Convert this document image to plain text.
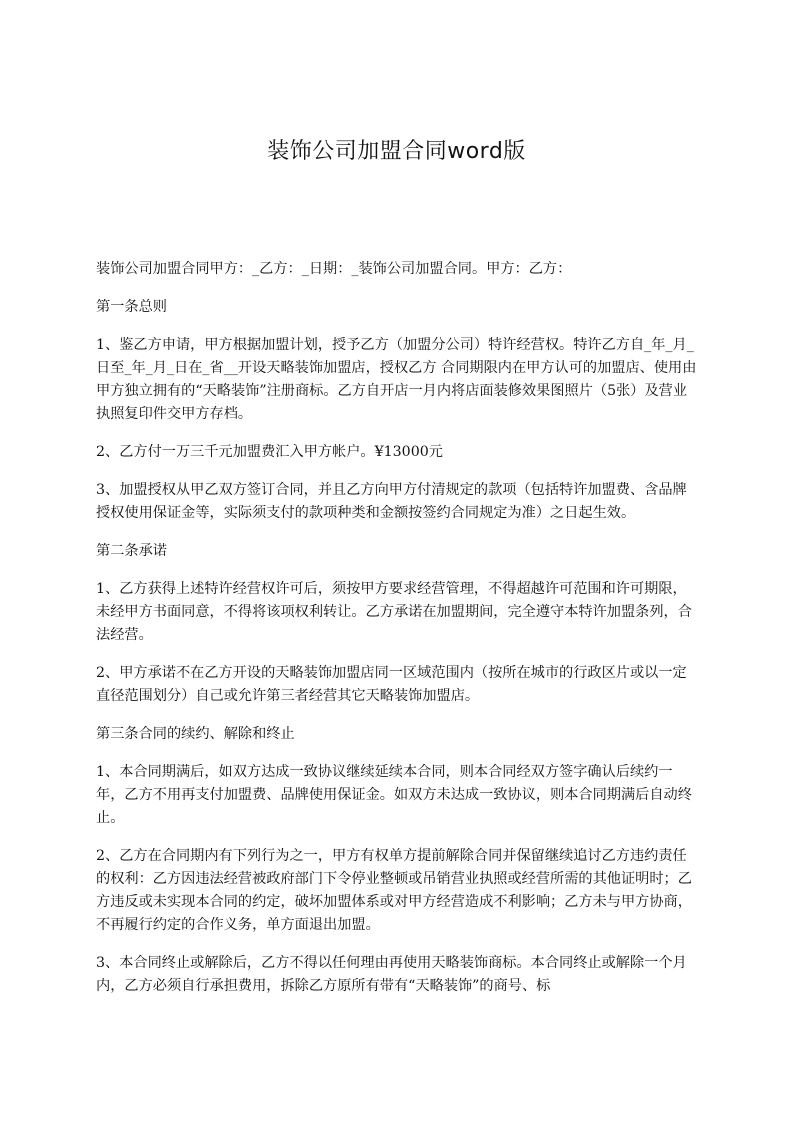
装饰公司加盟合同word版

装饰公司加盟合同甲方：_乙方：_日期：_装饰公司加盟合同。甲方：乙方：

第一条总则

1、鉴乙方申请，甲方根据加盟计划，授予乙方（加盟分公司）特许经营权。特许乙方自_年_月_日至_年_月_日在_省__开设天略装饰加盟店，授权乙方 合同期限内在甲方认可的加盟店、使用由甲方独立拥有的“天略装饰”注册商标。乙方自开店一月内将店面装修效果图照片（5张）及营业执照复印件交甲方存档。

2、乙方付一万三千元加盟费汇入甲方帐户。¥13000元

3、加盟授权从甲乙双方签订合同，并且乙方向甲方付清规定的款项（包括特许加盟费、含品牌授权使用保证金等，实际须支付的款项种类和金额按签约合同规定为准）之日起生效。

第二条承诺

1、乙方获得上述特许经营权许可后，须按甲方要求经营管理，不得超越许可范围和许可期限，未经甲方书面同意，不得将该项权利转让。乙方承诺在加盟期间，完全遵守本特许加盟条列，合法经营。

2、甲方承诺不在乙方开设的天略装饰加盟店同一区域范围内（按所在城市的行政区片或以一定直径范围划分）自己或允许第三者经营其它天略装饰加盟店。

第三条合同的续约、解除和终止

1、本合同期满后，如双方达成一致协议继续延续本合同，则本合同经双方签字确认后续约一年，乙方不用再支付加盟费、品牌使用保证金。如双方未达成一致协议，则本合同期满后自动终止。

2、乙方在合同期内有下列行为之一，甲方有权单方提前解除合同并保留继续追讨乙方违约责任的权利：乙方因违法经营被政府部门下令停业整顿或吊销营业执照或经营所需的其他证明时；乙方违反或未实现本合同的约定，破坏加盟体系或对甲方经营造成不利影响；乙方未与甲方协商，不再履行约定的合作义务，单方面退出加盟。

3、本合同终止或解除后，乙方不得以任何理由再使用天略装饰商标。本合同终止或解除一个月内，乙方必须自行承担费用，拆除乙方原所有带有“天略装饰”的商号、标
